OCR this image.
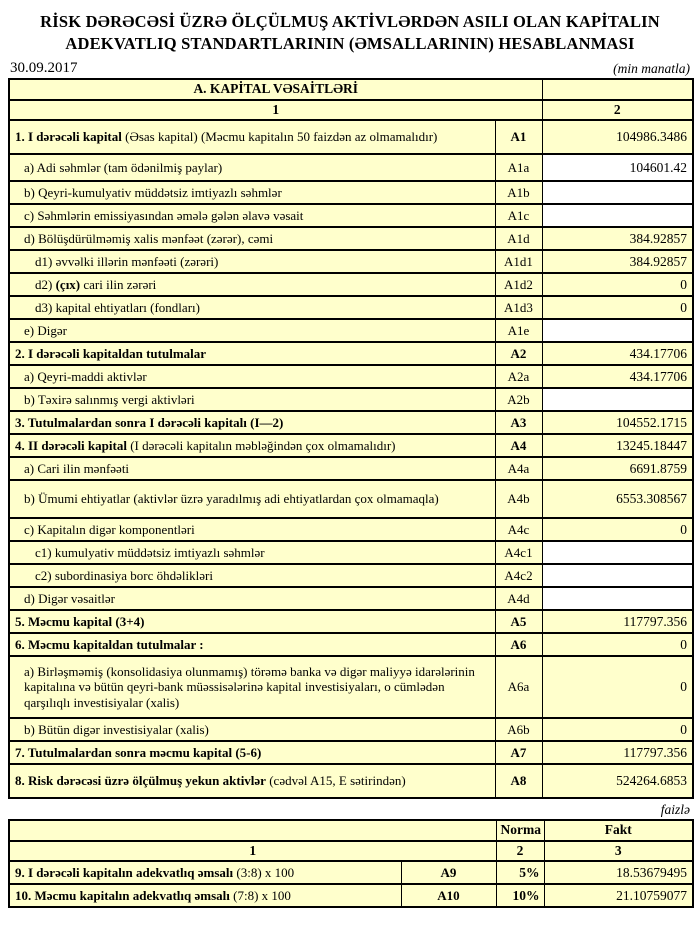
RİSK DƏRƏCƏSİ ÜZRƏ ÖLÇÜLMUŞ AKTİVLƏRDƏN ASILI OLAN KAPİTALIN ADEKVATLIQ STANDARTLARININ (ƏMSALLARININ) HESABLANMASI
30.09.2017	(min manatla)
A. KAPİTAL VƏSAİTLƏRİ		
1		2
1. I dərəcəli kapital (Əsas kapital) (Məcmu kapitalın 50 faizdən az olmamalıdır)	A1	104986.3486
a) Adi səhmlər (tam ödənilmiş paylar)	A1a	104601.42
b) Qeyri-kumulyativ müddətsiz imtiyazlı səhmlər	A1b	
c) Səhmlərin emissiyasından əmələ gələn əlavə vəsait	A1c	
d) Bölüşdürülməmiş xalis mənfəət (zərər), cəmi	A1d	384.92857
d1) əvvəlki illərin mənfəəti (zərəri)	A1d1	384.92857
d2) (çıx) cari ilin zərəri	A1d2	0
d3) kapital ehtiyatları (fondları)	A1d3	0
e) Digər	A1e	
2. I dərəcəli kapitaldan tutulmalar	A2	434.17706
a) Qeyri-maddi aktivlər	A2a	434.17706
b) Təxirə salınmış vergi aktivləri	A2b	
3. Tutulmalardan sonra I dərəcəli kapitalı (I—2)	A3	104552.1715
4. II dərəcəli kapital (I dərəcəli kapitalın məbləğindən çox olmamalıdır)	A4	13245.18447
a) Cari ilin mənfəəti	A4a	6691.8759
b) Ümumi ehtiyatlar (aktivlər üzrə yaradılmış adi ehtiyatlardan çox olmamaqla)	A4b	6553.308567
c) Kapitalın digər komponentləri	A4c	0
c1) kumulyativ müddətsiz imtiyazlı səhmlər	A4c1	
c2) subordinasiya borc öhdəlikləri	A4c2	
d) Digər vəsaitlər	A4d	
5. Məcmu kapital (3+4)	A5	117797.356
6. Məcmu kapitaldan tutulmalar :	A6	0
a) Birləşməmiş (konsolidasiya olunmamış) törəmə banka və digər maliyyə idarələrinin kapitalına və bütün qeyri-bank müəssisələrinə kapital investisiyaları, o cümlədən qarşılıqlı investisiyalar (xalis)	A6a	0
b) Bütün digər investisiyalar (xalis)	A6b	0
7. Tutulmalardan sonra məcmu kapital (5-6)	A7	117797.356
8. Risk dərəcəsi üzrə ölçülmuş yekun aktivlər (cədvəl A15, E sətirindən)	A8	524264.6853
faizlə
		Norma	Fakt
1		2	3
9. I dərəcəli kapitalın adekvatlıq əmsalı (3:8) x 100	A9	5%	18.53679495
10. Məcmu kapitalın adekvatlıq əmsalı (7:8) x 100	A10	10%	21.10759077
